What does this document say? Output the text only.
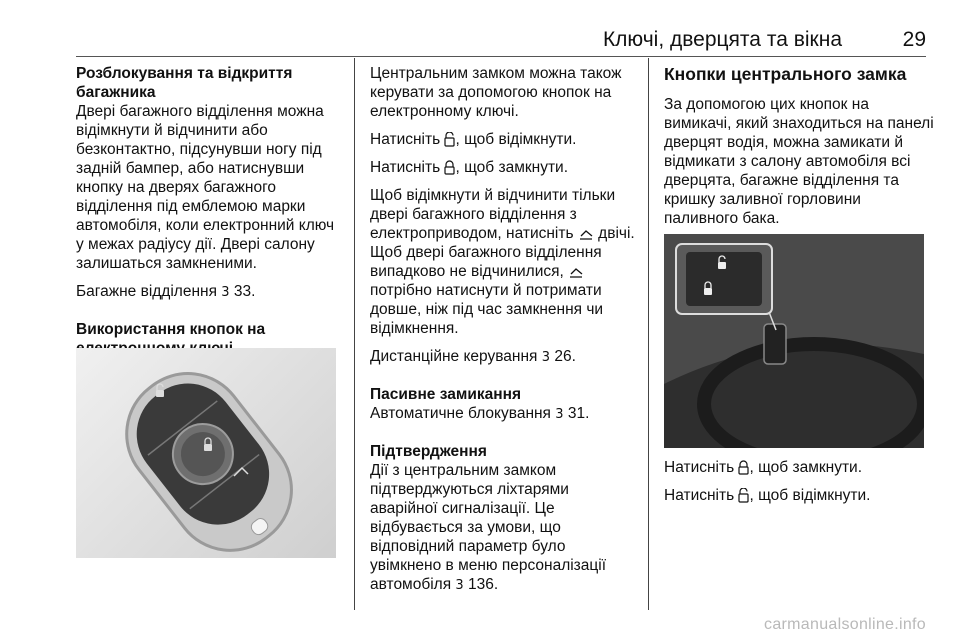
Ключі, дверцята та вікна	29
Розблокування та відкриття багажника

Двері багажного відділення можна відімкнути й відчинити або безконтактно, підсунувши ногу під задній бампер, або натиснувши кнопку на дверях багажного відділення під емблемою марки автомобіля, коли електронний ключ у межах радіусу дії. Двері салону залишаться замкненими.

Багажне відділення 3 33.

Використання кнопок на

Центральним замком можна також керувати за допомогою кнопок на електронному ключі.

Натисніть , щоб відімкнути.

Натисніть , щоб замкнути.

Щоб відімкнути й відчинити тільки двері багажного відділення з електроприводом, натисніть двічі. Щоб двері багажного відділення випадково не відчинилися,  потрібно натиснути й потримати довше, ніж під час замкнення чи відімкнення.

Дистанційне керування 3 26.

Пасивне замикання

Автоматичне блокування 3 31.

Підтвердження

Дії з центральним замком підтверджуються ліхтарями аварійної сигналізації. Це відбувається за умови, що відповідний параметр було увімкнено в меню персоналізації автомобіля 3 136.

Кнопки центрального замка

За допомогою цих кнопок на вимикачі, який знаходиться на панелі дверцят водія, можна замикати й відмикати з салону автомобіля всі дверцята, багажне відділення та кришку заливної горловини паливного бака.

Натисніть , щоб замкнути.

Натисніть , щоб відімкнути.

carmanualsonline.info
